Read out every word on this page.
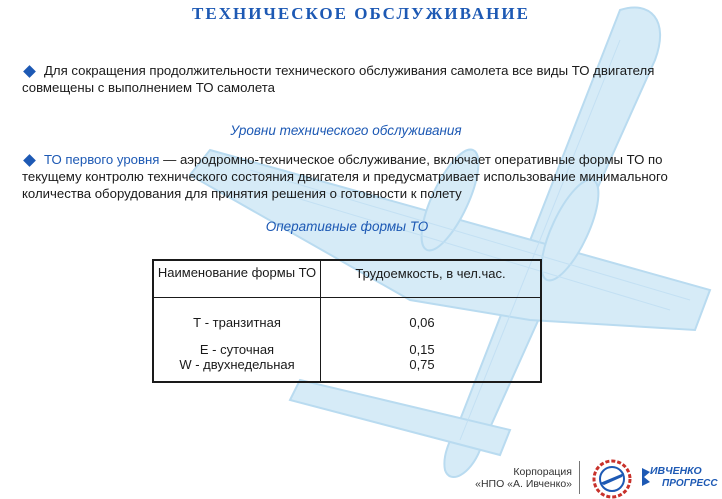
ТЕХНИЧЕСКОЕ ОБСЛУЖИВАНИЕ
Для сокращения продолжительности технического обслуживания самолета все виды ТО двигателя совмещены с выполнением ТО самолета
Уровни технического обслуживания
ТО первого уровня — аэродромно-техническое обслуживание, включает оперативные формы ТО по текущему контролю технического состояния двигателя и предусматривает использование минимального количества оборудования для принятия решения о готовности к полету
Оперативные формы ТО
Наименование формы ТО	Трудоемкость, в чел.час.
Т - транзитная	0,06
Е - суточная	0,15
W - двухнедельная	0,75
Корпорация
«НПО «А. Ивченко»
ИВЧЕНКО
ПРОГРЕСС
